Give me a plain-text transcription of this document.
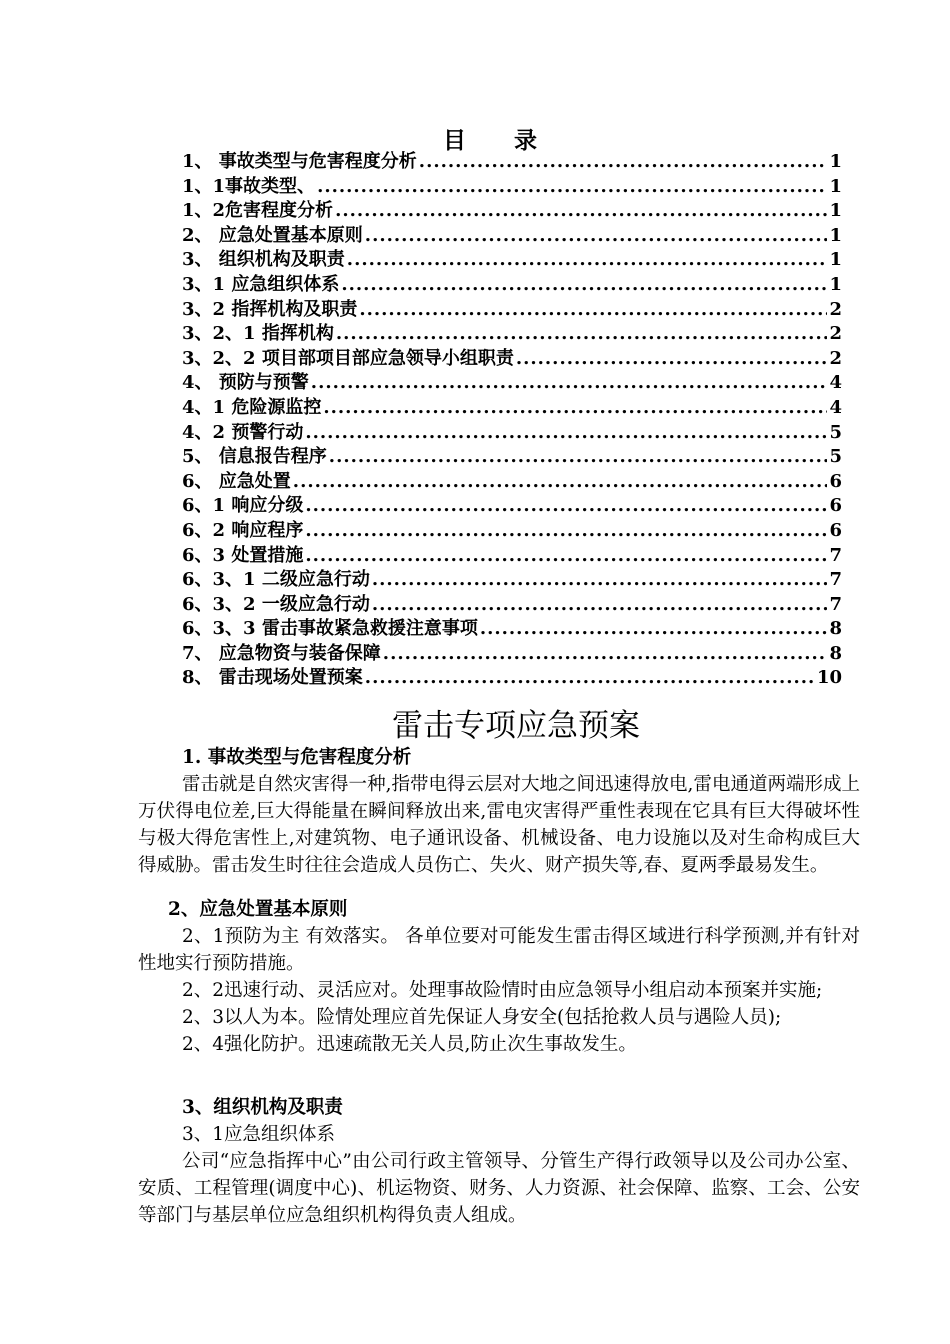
目 录
1、 事故类型与危害程度分析 .....	1
1、1事故类型、 .....	1
1、2危害程度分析 .....	1
2、 应急处置基本原则 .....	1
3、 组织机构及职责 .....	1
3、1 应急组织体系 .....	1
3、2 指挥机构及职责 .....	2
3、2、1 指挥机构 .....	2
3、2、2 项目部项目部应急领导小组职责 .....	2
4、 预防与预警 .....	4
4、1 危险源监控 .....	4
4、2 预警行动 .....	5
5、 信息报告程序 .....	5
6、 应急处置 .....	6
6、1 响应分级 .....	6
6、2 响应程序 .....	6
6、3 处置措施 .....	7
6、3、1 二级应急行动 .....	7
6、3、2 一级应急行动 .....	7
6、3、3 雷击事故紧急救援注意事项 .....	8
7、 应急物资与装备保障 .....	8
8、 雷击现场处置预案 .....	10
雷击专项应急预案
1. 事故类型与危害程度分析

雷击就是自然灾害得一种,指带电得云层对大地之间迅速得放电,雷电通道两端形成上万伏得电位差,巨大得能量在瞬间释放出来,雷电灾害得严重性表现在它具有巨大得破坏性与极大得危害性上,对建筑物、电子通讯设备、机械设备、电力设施以及对生命构成巨大得威胁。雷击发生时往往会造成人员伤亡、失火、财产损失等,春、夏两季最易发生。

2、应急处置基本原则

2、1预防为主 有效落实。 各单位要对可能发生雷击得区域进行科学预测,并有针对性地实行预防措施。

2、2迅速行动、灵活应对。处理事故险情时由应急领导小组启动本预案并实施;

2、3以人为本。险情处理应首先保证人身安全(包括抢救人员与遇险人员);

2、4强化防护。迅速疏散无关人员,防止次生事故发生。

3、组织机构及职责
3、1应急组织体系

公司“应急指挥中心”由公司行政主管领导、分管生产得行政领导以及公司办公室、安质、工程管理(调度中心)、机运物资、财务、人力资源、社会保障、监察、工会、公安等部门与基层单位应急组织机构得负责人组成。
